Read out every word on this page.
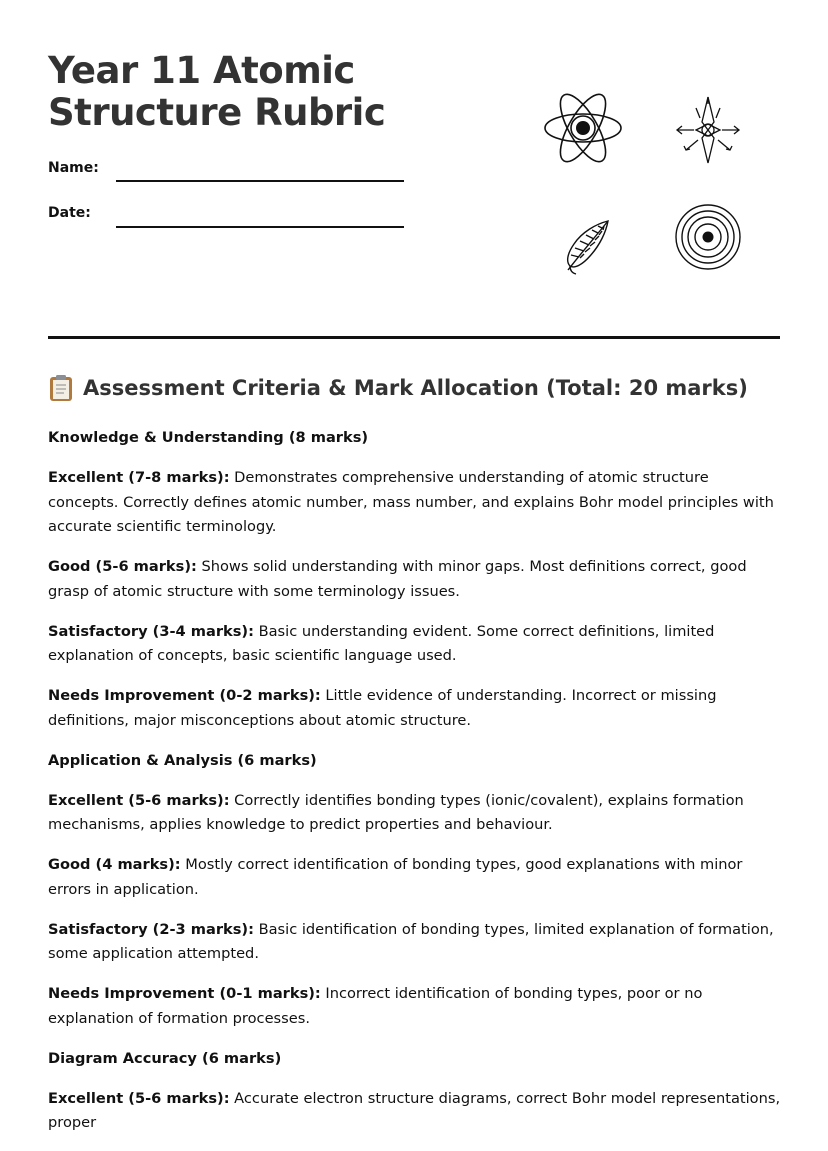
Year 11 Atomic
Structure Rubric
Name:
Date:
Assessment Criteria & Mark Allocation (Total: 20 marks)

Knowledge & Understanding (8 marks)

Excellent (7-8 marks): Demonstrates comprehensive understanding of atomic structure concepts. Correctly defines atomic number, mass number, and explains Bohr model principles with accurate scientific terminology.

Good (5-6 marks): Shows solid understanding with minor gaps. Most definitions correct, good grasp of atomic structure with some terminology issues.

Satisfactory (3-4 marks): Basic understanding evident. Some correct definitions, limited explanation of concepts, basic scientific language used.

Needs Improvement (0-2 marks): Little evidence of understanding. Incorrect or missing definitions, major misconceptions about atomic structure.

Application & Analysis (6 marks)

Excellent (5-6 marks): Correctly identifies bonding types (ionic/covalent), explains formation mechanisms, applies knowledge to predict properties and behaviour.

Good (4 marks): Mostly correct identification of bonding types, good explanations with minor errors in application.

Satisfactory (2-3 marks): Basic identification of bonding types, limited explanation of formation, some application attempted.

Needs Improvement (0-1 marks): Incorrect identification of bonding types, poor or no explanation of formation processes.

Diagram Accuracy (6 marks)

Excellent (5-6 marks): Accurate electron structure diagrams, correct Bohr model representations, proper
